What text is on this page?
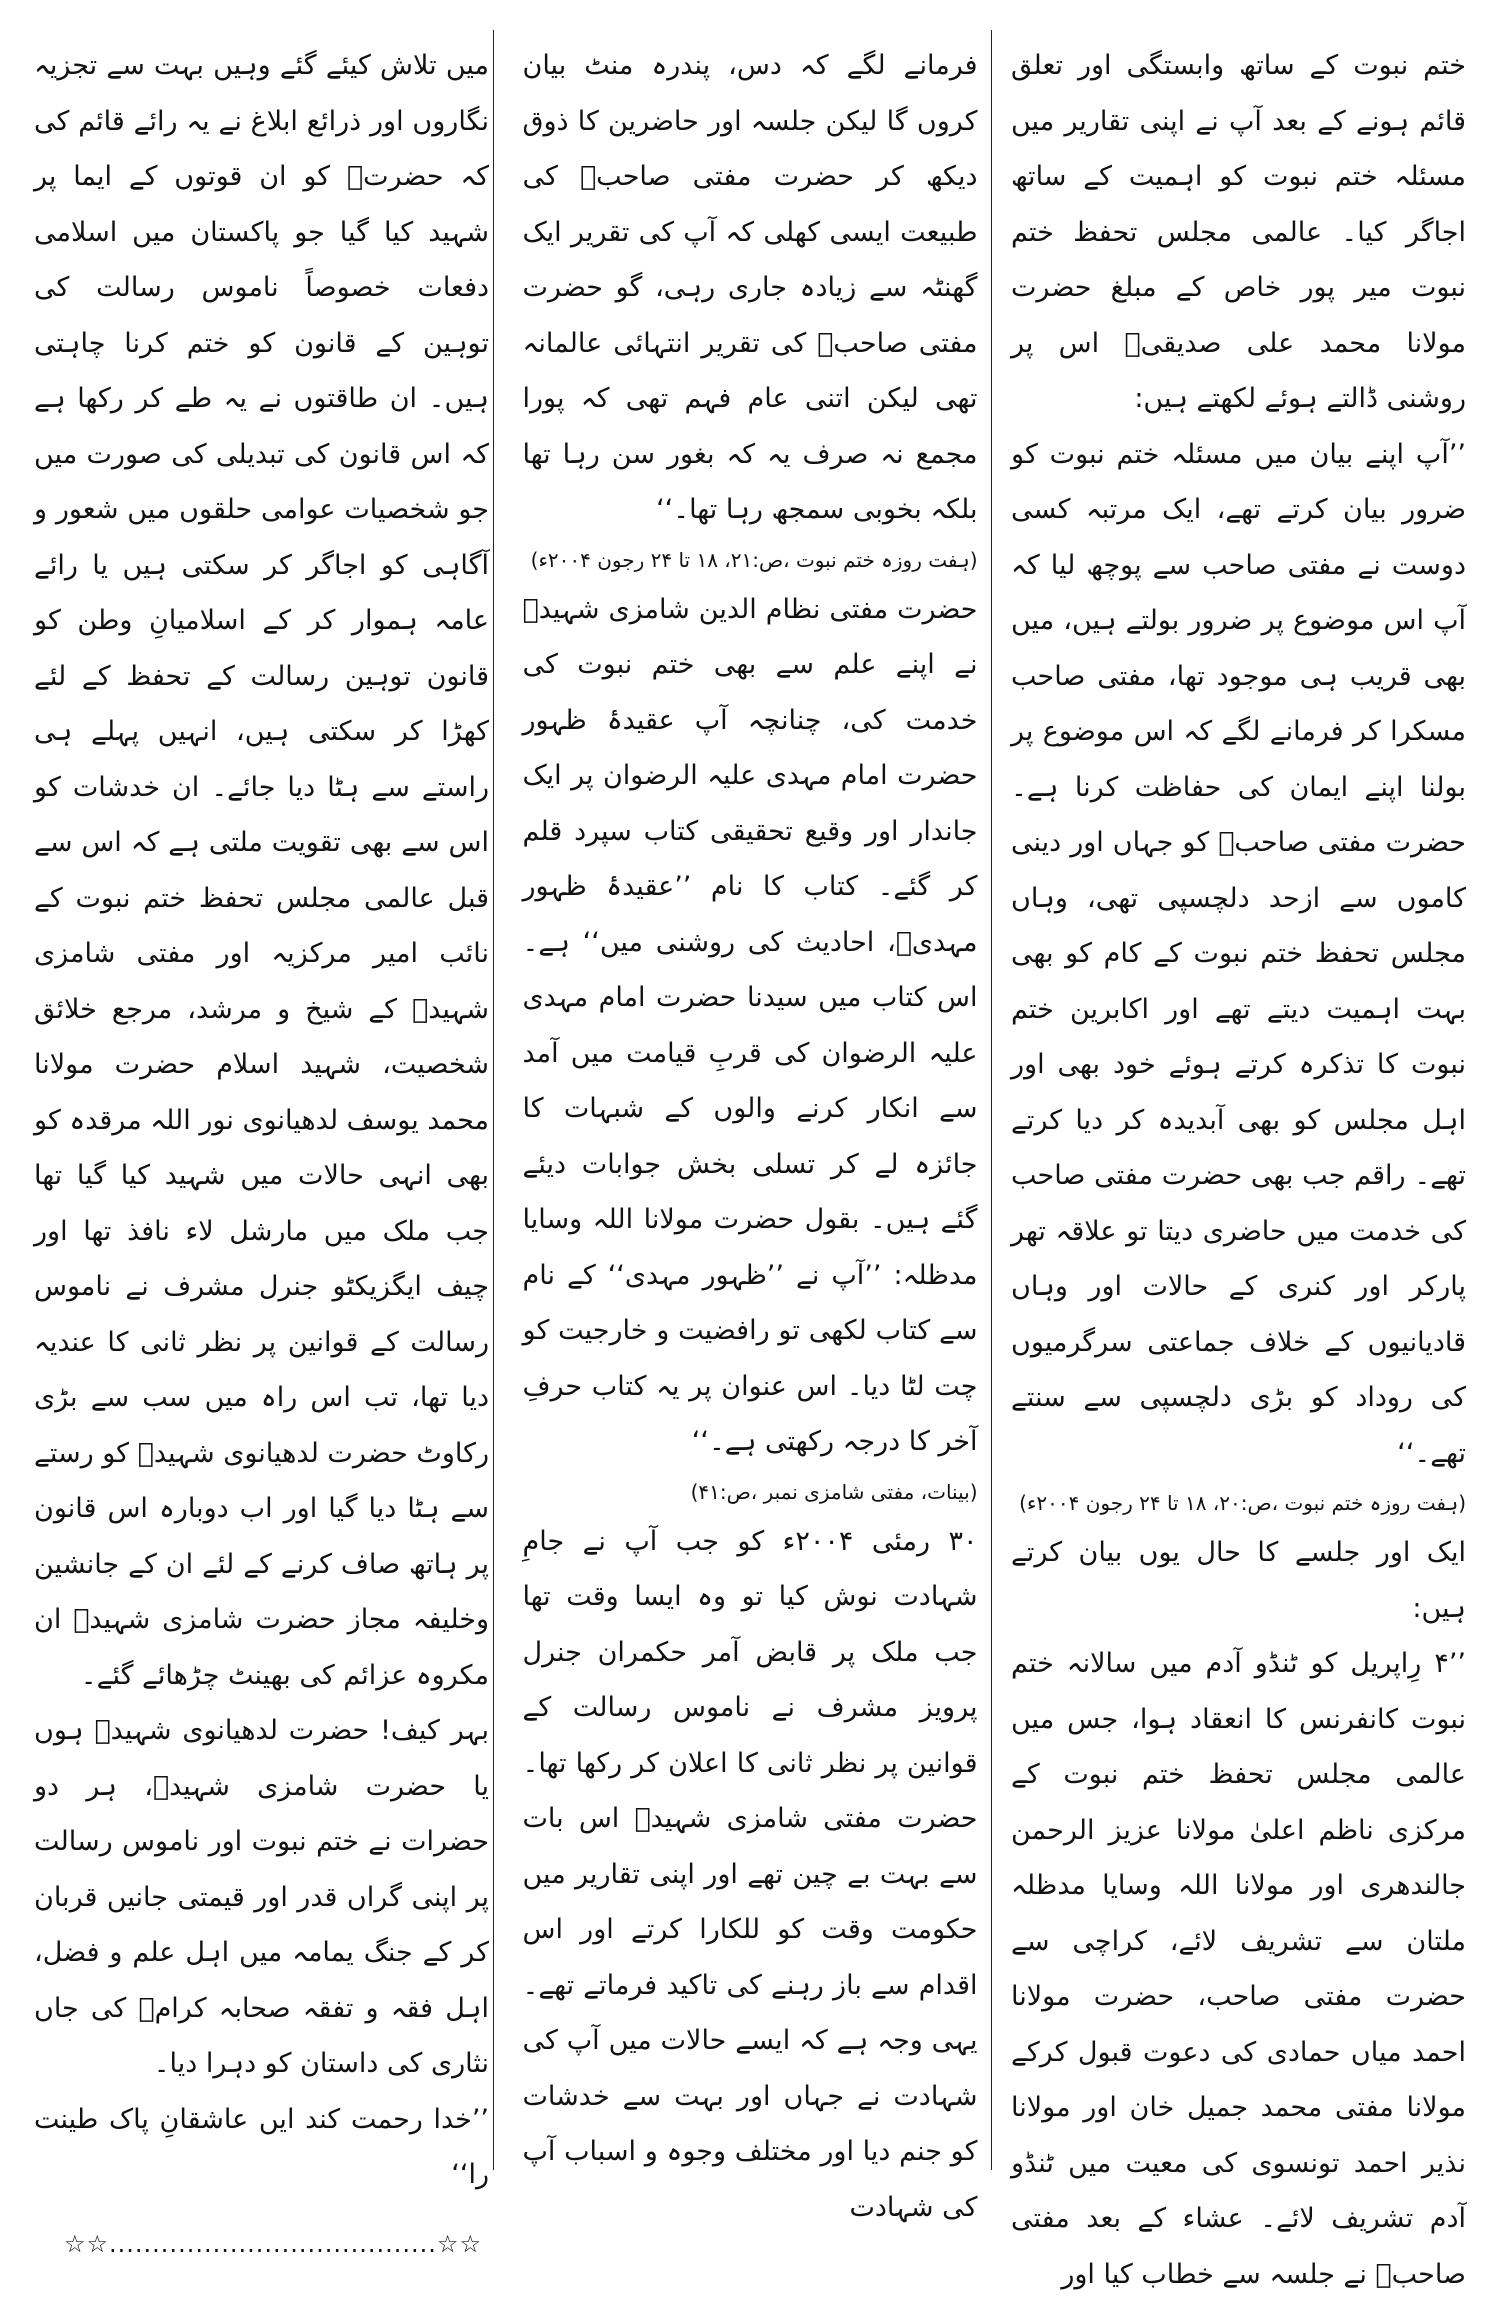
ختم نبوت کے ساتھ وابستگی اور تعلق قائم ہونے کے بعد آپ نے اپنی تقاریر میں مسئلہ ختم نبوت کو اہمیت کے ساتھ اجاگر کیا۔ عالمی مجلس تحفظ ختم نبوت میر پور خاص کے مبلغ حضرت مولانا محمد علی صدیقیؒ اس پر روشنی ڈالتے ہوئے لکھتے ہیں:

’’آپ اپنے بیان میں مسئلہ ختم نبوت کو ضرور بیان کرتے تھے، ایک مرتبہ کسی دوست نے مفتی صاحب سے پوچھ لیا کہ آپ اس موضوع پر ضرور بولتے ہیں، میں بھی قریب ہی موجود تھا، مفتی صاحب مسکرا کر فرمانے لگے کہ اس موضوع پر بولنا اپنے ایمان کی حفاظت کرنا ہے۔ حضرت مفتی صاحبؒ کو جہاں اور دینی کاموں سے ازحد دلچسپی تھی، وہاں مجلس تحفظ ختم نبوت کے کام کو بھی بہت اہمیت دیتے تھے اور اکابرین ختم نبوت کا تذکرہ کرتے ہوئے خود بھی اور اہل مجلس کو بھی آبدیدہ کر دیا کرتے تھے۔ راقم جب بھی حضرت مفتی صاحب کی خدمت میں حاضری دیتا تو علاقہ تھر پارکر اور کنری کے حالات اور وہاں قادیانیوں کے خلاف جماعتی سرگرمیوں کی روداد کو بڑی دلچسپی سے سنتے تھے۔‘‘

(ہفت روزہ ختم نبوت ،ص:۲۰، ۱۸ تا ۲۴ رجون ۲۰۰۴ء)

ایک اور جلسے کا حال یوں بیان کرتے ہیں:

’’۴ رِاپریل کو ٹنڈو آدم میں سالانہ ختم نبوت کانفرنس کا انعقاد ہوا، جس میں عالمی مجلس تحفظ ختم نبوت کے مرکزی ناظم اعلیٰ مولانا عزیز الرحمن جالندھری اور مولانا اللہ وسایا مدظلہ ملتان سے تشریف لائے، کراچی سے حضرت مفتی صاحب، حضرت مولانا احمد میاں حمادی کی دعوت قبول کرکے مولانا مفتی محمد جمیل خان اور مولانا نذیر احمد تونسوی کی معیت میں ٹنڈو آدم تشریف لائے۔ عشاء کے بعد مفتی صاحبؒ نے جلسہ سے خطاب کیا اور

فرمانے لگے کہ دس، پندرہ منٹ بیان کروں گا لیکن جلسہ اور حاضرین کا ذوق دیکھ کر حضرت مفتی صاحبؒ کی طبیعت ایسی کھلی کہ آپ کی تقریر ایک گھنٹہ سے زیادہ جاری رہی، گو حضرت مفتی صاحبؒ کی تقریر انتہائی عالمانہ تھی لیکن اتنی عام فہم تھی کہ پورا مجمع نہ صرف یہ کہ بغور سن رہا تھا بلکہ بخوبی سمجھ رہا تھا۔‘‘

(ہفت روزہ ختم نبوت ،ص:۲۱، ۱۸ تا ۲۴ رجون ۲۰۰۴ء)

حضرت مفتی نظام الدین شامزی شہیدؒ نے اپنے علم سے بھی ختم نبوت کی خدمت کی، چنانچہ آپ عقیدۂ ظہور حضرت امام مہدی علیہ الرضوان پر ایک جاندار اور وقیع تحقیقی کتاب سپرد قلم کر گئے۔ کتاب کا نام ’’عقیدۂ ظہور مہدیؑ، احادیث کی روشنی میں‘‘ ہے۔ اس کتاب میں سیدنا حضرت امام مہدی علیہ الرضوان کی قربِ قیامت میں آمد سے انکار کرنے والوں کے شبہات کا جائزہ لے کر تسلی بخش جوابات دیئے گئے ہیں۔ بقول حضرت مولانا اللہ وسایا مدظلہ: ’’آپ نے ’’ظہور مہدی‘‘ کے نام سے کتاب لکھی تو رافضیت و خارجیت کو چت لٹا دیا۔ اس عنوان پر یہ کتاب حرفِ آخر کا درجہ رکھتی ہے۔‘‘

(بینات، مفتی شامزی نمبر ،ص:۴۱)

۳۰ رمئی ۲۰۰۴ء کو جب آپ نے جامِ شہادت نوش کیا تو وہ ایسا وقت تھا جب ملک پر قابض آمر حکمران جنرل پرویز مشرف نے ناموس رسالت کے قوانین پر نظر ثانی کا اعلان کر رکھا تھا۔ حضرت مفتی شامزی شہیدؒ اس بات سے بہت بے چین تھے اور اپنی تقاریر میں حکومت وقت کو للکارا کرتے اور اس اقدام سے باز رہنے کی تاکید فرماتے تھے۔ یہی وجہ ہے کہ ایسے حالات میں آپ کی شہادت نے جہاں اور بہت سے خدشات کو جنم دیا اور مختلف وجوہ و اسباب آپ کی شہادت

میں تلاش کیئے گئے وہیں بہت سے تجزیہ نگاروں اور ذرائع ابلاغ نے یہ رائے قائم کی کہ حضرتؒ کو ان قوتوں کے ایما پر شہید کیا گیا جو پاکستان میں اسلامی دفعات خصوصاً ناموس رسالت کی توہین کے قانون کو ختم کرنا چاہتی ہیں۔ ان طاقتوں نے یہ طے کر رکھا ہے کہ اس قانون کی تبدیلی کی صورت میں جو شخصیات عوامی حلقوں میں شعور و آگاہی کو اجاگر کر سکتی ہیں یا رائے عامہ ہموار کر کے اسلامیانِ وطن کو قانون توہین رسالت کے تحفظ کے لئے کھڑا کر سکتی ہیں، انہیں پہلے ہی راستے سے ہٹا دیا جائے۔ ان خدشات کو اس سے بھی تقویت ملتی ہے کہ اس سے قبل عالمی مجلس تحفظ ختم نبوت کے نائب امیر مرکزیہ اور مفتی شامزی شہیدؒ کے شیخ و مرشد، مرجع خلائق شخصیت، شہید اسلام حضرت مولانا محمد یوسف لدھیانوی نور اللہ مرقدہ کو بھی انہی حالات میں شہید کیا گیا تھا جب ملک میں مارشل لاء نافذ تھا اور چیف ایگزیکٹو جنرل مشرف نے ناموس رسالت کے قوانین پر نظر ثانی کا عندیہ دیا تھا، تب اس راہ میں سب سے بڑی رکاوٹ حضرت لدھیانوی شہیدؒ کو رستے سے ہٹا دیا گیا اور اب دوبارہ اس قانون پر ہاتھ صاف کرنے کے لئے ان کے جانشین وخلیفہ مجاز حضرت شامزی شہیدؒ ان مکروہ عزائم کی بھینٹ چڑھائے گئے۔

بہر کیف! حضرت لدھیانوی شہیدؒ ہوں یا حضرت شامزی شہیدؒ، ہر دو حضرات نے ختم نبوت اور ناموس رسالت پر اپنی گراں قدر اور قیمتی جانیں قربان کر کے جنگ یمامہ میں اہل علم و فضل، اہل فقہ و تفقہ صحابہ کرامؓ کی جاں نثاری کی داستان کو دہرا دیا۔

’’خدا رحمت کند ایں عاشقانِ پاک طینت را‘‘

☆☆......................................☆☆
